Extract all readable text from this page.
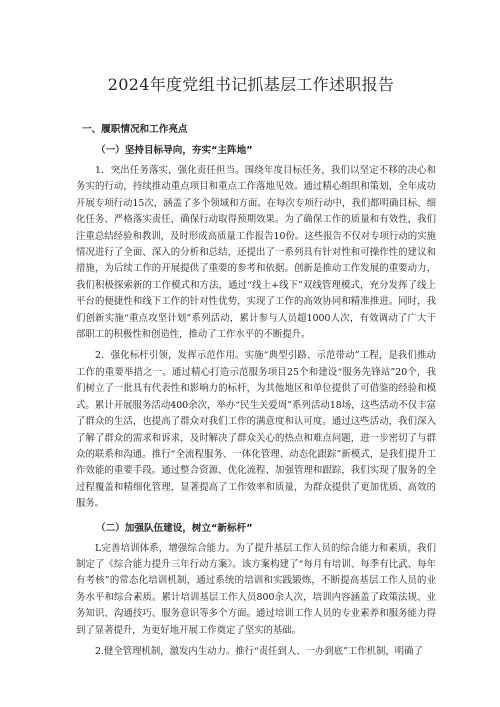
2024年度党组书记抓基层工作述职报告
一、履职情况和工作亮点
（一）坚持目标导向，夯实“主阵地”

1．突出任务落实，强化责任担当。围绕年度目标任务，我们以坚定不移的决心和务实的行动，持续推动重点项目和重点工作落地见效。通过精心组织和策划，全年成功开展专项行动15次，涵盖了多个领域和方面。在每次专项行动中，我们都明确目标、细化任务、严格落实责任，确保行动取得预期效果。为了确保工作的质量和有效性，我们注重总结经验和教训，及时形成高质量工作报告10份。这些报告不仅对专项行动的实施情况进行了全面、深入的分析和总结，还提出了一系列具有针对性和可操作性的建议和措施，为后续工作的开展提供了重要的参考和依据。创新是推动工作发展的重要动力，我们积极探索新的工作模式和方法，通过“线上+线下”双线管理模式，充分发挥了线上平台的便捷性和线下工作的针对性优势，实现了工作的高效协同和精准推进。同时，我们创新实施“重点攻坚计划”系列活动，累计参与人员超1000人次，有效调动了广大干部职工的积极性和创造性，推动了工作水平的不断提升。

2．强化标杆引领，发挥示范作用。实施“典型引路、示范带动”工程，是我们推动工作的重要举措之一。通过精心打造示范服务项目25个和建设“服务先锋站”20个，我们树立了一批具有代表性和影响力的标杆，为其他地区和单位提供了可借鉴的经验和模式。累计开展服务活动400余次，举办“民生关爱周”系列活动18场，这些活动不仅丰富了群众的生活，也提高了群众对我们工作的满意度和认可度。通过这些活动，我们深入了解了群众的需求和诉求，及时解决了群众关心的热点和难点问题，进一步密切了与群众的联系和沟通。推行“全流程服务、一体化管理、动态化跟踪”新模式，是我们提升工作效能的重要手段。通过整合资源、优化流程、加强管理和跟踪，我们实现了服务的全过程覆盖和精细化管理，显著提高了工作效率和质量，为群众提供了更加优质、高效的服务。

（二）加强队伍建设，树立“新标杆”

L完善培训体系，增强综合能力。为了提升基层工作人员的综合能力和素质，我们制定了《综合能力提升三年行动方案》。该方案构建了“每月有培训、每季有比武、每年有考核”的常态化培训机制，通过系统的培训和实践锻炼，不断提高基层工作人员的业务水平和综合素质。累计培训基层工作人员800余人次，培训内容涵盖了政策法规、业务知识、沟通技巧、服务意识等多个方面。通过培训工作人员的专业素养和服务能力得到了显著提升，为更好地开展工作奠定了坚实的基础。

2.健全管理机制，激发内生动力。推行“责任到人、一办到底”工作机制，明确了
